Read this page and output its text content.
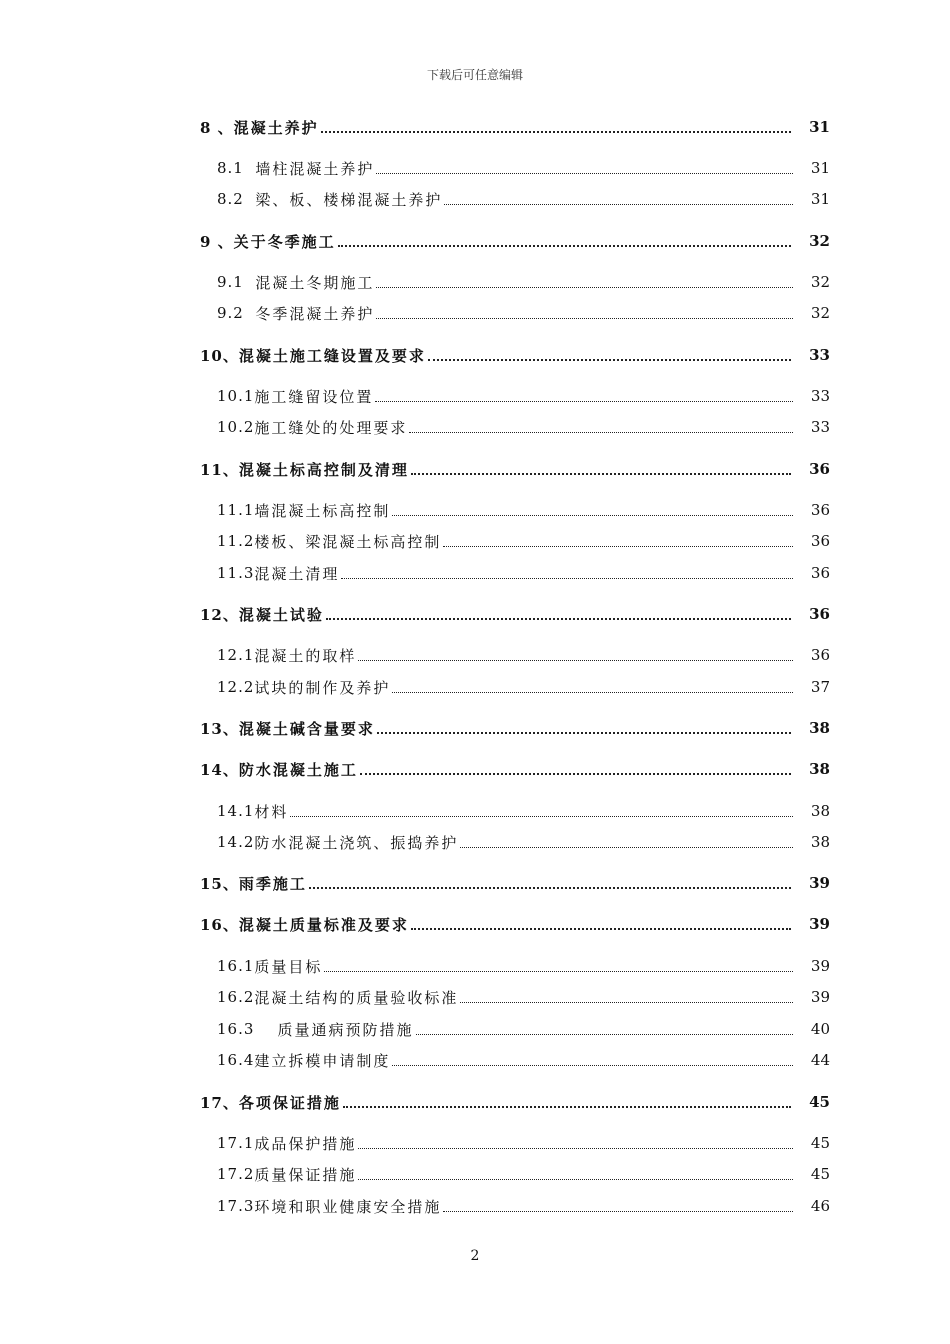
下载后可任意编辑
8 、 混凝土养护	31
8.1 墙柱混凝土养护	31
8.2 梁、板、楼梯混凝土养护	31
9 、 关于冬季施工	32
9.1 混凝土冬期施工	32
9.2 冬季混凝土养护	32
10、 混凝土施工缝设置及要求	33
10.1 施工缝留设位置	33
10.2 施工缝处的处理要求	33
11、 混凝土标高控制及清理	36
11.1 墙混凝土标高控制	36
11.2 楼板、梁混凝土标高控制	36
11.3 混凝土清理	36
12、 混凝土试验	36
12.1 混凝土的取样	36
12.2 试块的制作及养护	37
13、 混凝土碱含量要求	38
14、 防水混凝土施工	38
14.1 材料	38
14.2 防水混凝土浇筑、振捣养护	38
15、 雨季施工	39
16、 混凝土质量标准及要求	39
16.1 质量目标	39
16.2 混凝土结构的质量验收标准	39
16.3 质量通病预防措施	40
16.4 建立拆模申请制度	44
17、 各项保证措施	45
17.1 成品保护措施	45
17.2 质量保证措施	45
17.3 环境和职业健康安全措施	46
2
